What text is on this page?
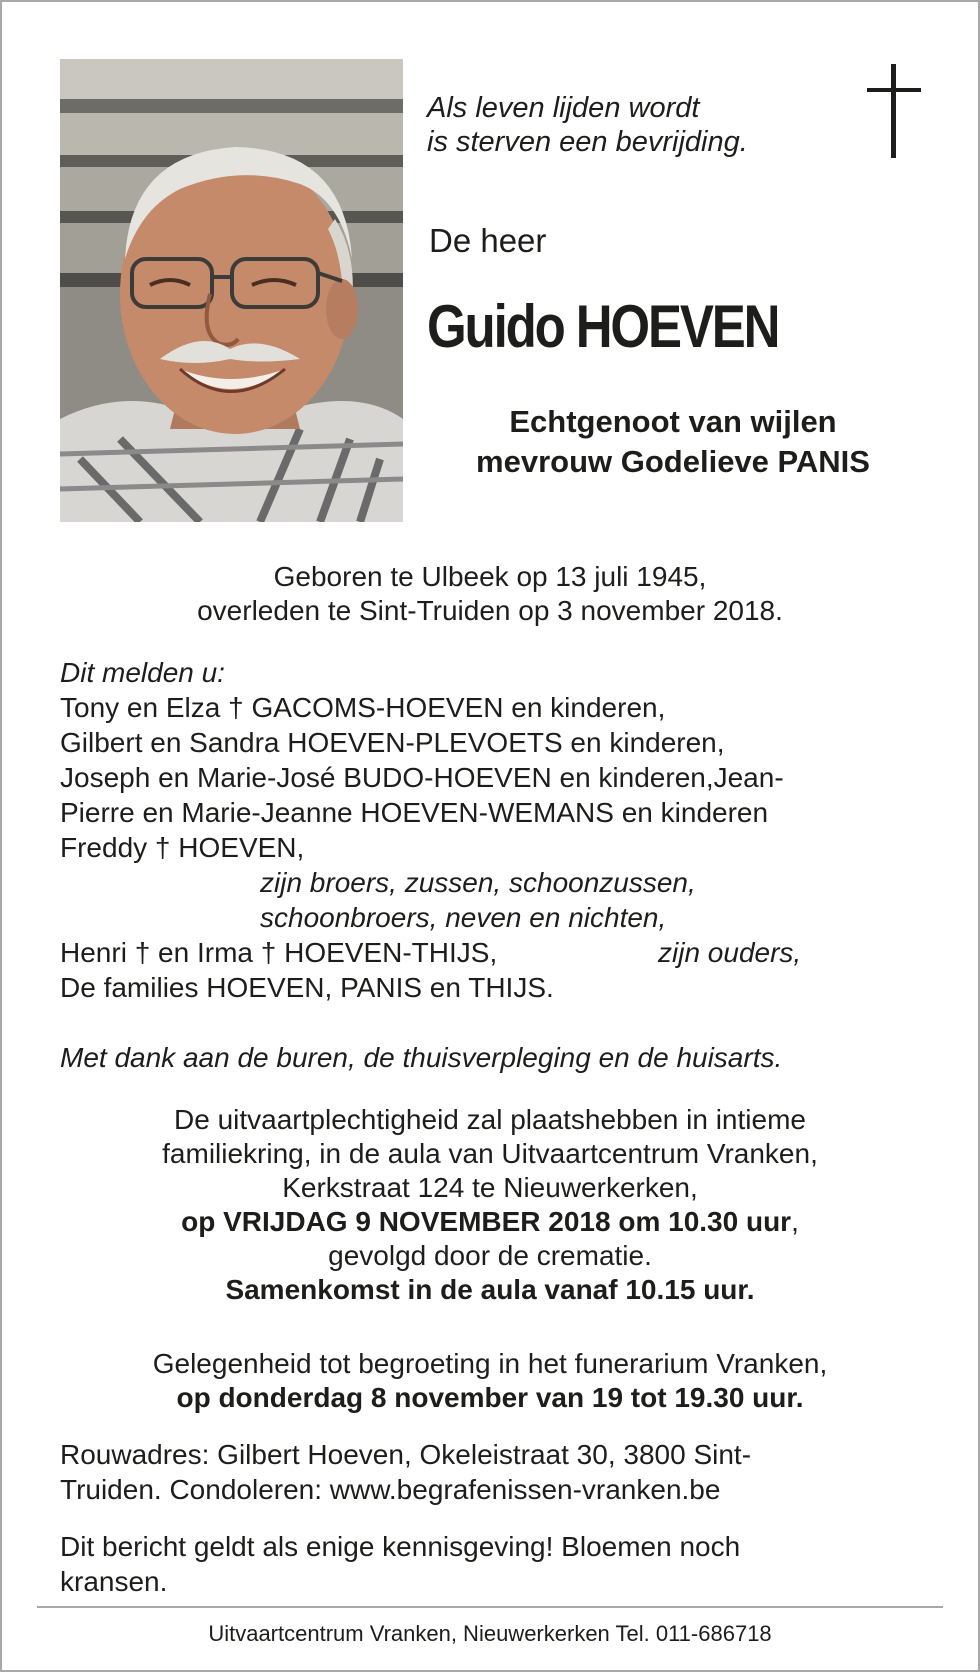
Als leven lijden wordt
is sterven een bevrijding.
De heer
Guido HOEVEN
Echtgenoot van wijlen
mevrouw Godelieve PANIS
Geboren te Ulbeek op 13 juli 1945,
overleden te Sint-Truiden op 3 november 2018.
Dit melden u:
Tony en Elza † GACOMS-HOEVEN en kinderen,
Gilbert en Sandra HOEVEN-PLEVOETS en kinderen,
Joseph en Marie-José BUDO-HOEVEN en kinderen,Jean-
Pierre en Marie-Jeanne HOEVEN-WEMANS en kinderen
Freddy † HOEVEN,
zijn broers, zussen, schoonzussen,
schoonbroers, neven en nichten,
Henri † en Irma † HOEVEN-THIJS,	zijn ouders,
De families HOEVEN, PANIS en THIJS.
Met dank aan de buren, de thuisverpleging en de huisarts.
De uitvaartplechtigheid zal plaatshebben in intieme
familiekring, in de aula van Uitvaartcentrum Vranken,
Kerkstraat 124 te Nieuwerkerken,
op VRIJDAG 9 NOVEMBER 2018 om 10.30 uur,
gevolgd door de crematie.
Samenkomst in de aula vanaf 10.15 uur.
Gelegenheid tot begroeting in het funerarium Vranken,
op donderdag 8 november van 19 tot 19.30 uur.
Rouwadres: Gilbert Hoeven, Okeleistraat 30, 3800 Sint-
Truiden. Condoleren: www.begrafenissen-vranken.be
Dit bericht geldt als enige kennisgeving! Bloemen noch
kransen.
Uitvaartcentrum Vranken, Nieuwerkerken Tel. 011-686718
